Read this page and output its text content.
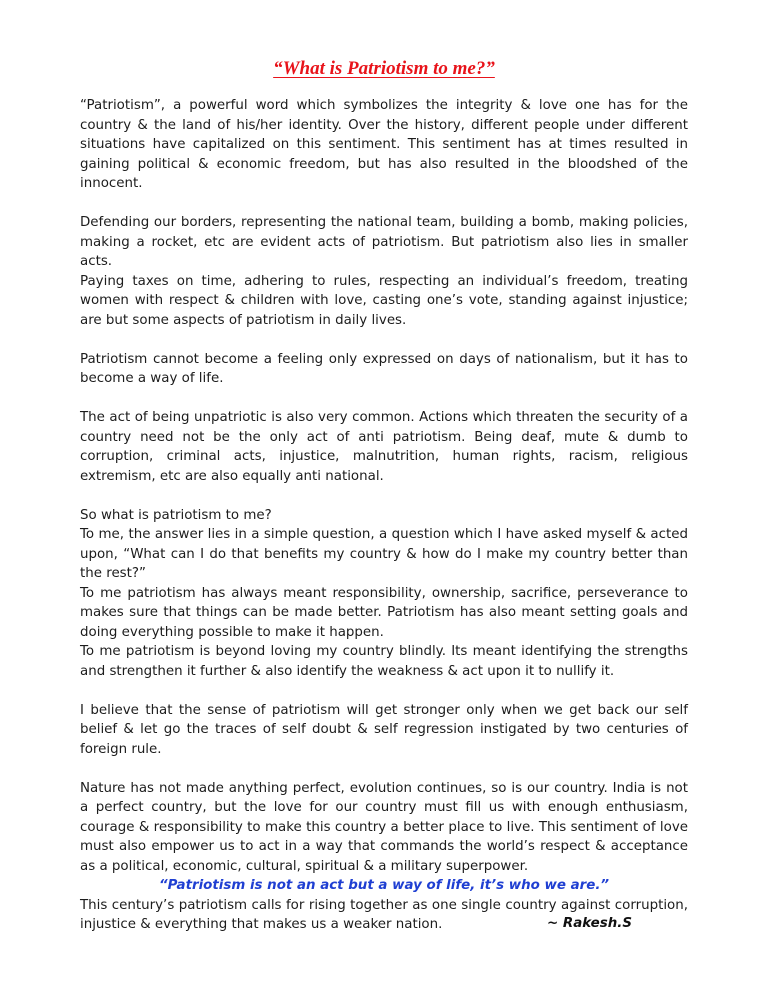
“What is Patriotism to me?”

“Patriotism”, a powerful word which symbolizes the integrity & love one has for the country & the land of his/her identity. Over the history, different people under different situations have capitalized on this sentiment. This sentiment has at times resulted in gaining political & economic freedom, but has also resulted in the bloodshed of the innocent.

Defending our borders, representing the national team, building a bomb, making policies, making a rocket, etc are evident acts of patriotism. But patriotism also lies in smaller acts.

Paying taxes on time, adhering to rules, respecting an individual’s freedom, treating women with respect & children with love, casting one’s vote, standing against injustice; are but some aspects of patriotism in daily lives.

Patriotism cannot become a feeling only expressed on days of nationalism, but it has to become a way of life.

The act of being unpatriotic is also very common. Actions which threaten the security of a country need not be the only act of anti patriotism. Being deaf, mute & dumb to corruption, criminal acts, injustice, malnutrition, human rights, racism, religious extremism, etc are also equally anti national.

So what is patriotism to me?

To me, the answer lies in a simple question, a question which I have asked myself & acted upon, “What can I do that benefits my country & how do I make my country better than the rest?”

To me patriotism has always meant responsibility, ownership, sacrifice, perseverance to makes sure that things can be made better. Patriotism has also meant setting goals and doing everything possible to make it happen.

To me patriotism is beyond loving my country blindly. Its meant identifying the strengths and strengthen it further & also identify the weakness & act upon it to nullify it.

I believe that the sense of patriotism will get stronger only when we get back our self belief & let go the traces of self doubt & self regression instigated by two centuries of foreign rule.

Nature has not made anything perfect, evolution continues, so is our country. India is not a perfect country, but the love for our country must fill us with enough enthusiasm, courage & responsibility to make this country a better place to live. This sentiment of love must also empower us to act in a way that commands the world’s respect & acceptance as a political, economic, cultural, spiritual & a military superpower.

This century’s patriotism calls for rising together as one single country against corruption, injustice & everything that makes us a weaker nation.

“Patriotism is not an act but a way of life, it’s who we are.”

~ Rakesh.S
